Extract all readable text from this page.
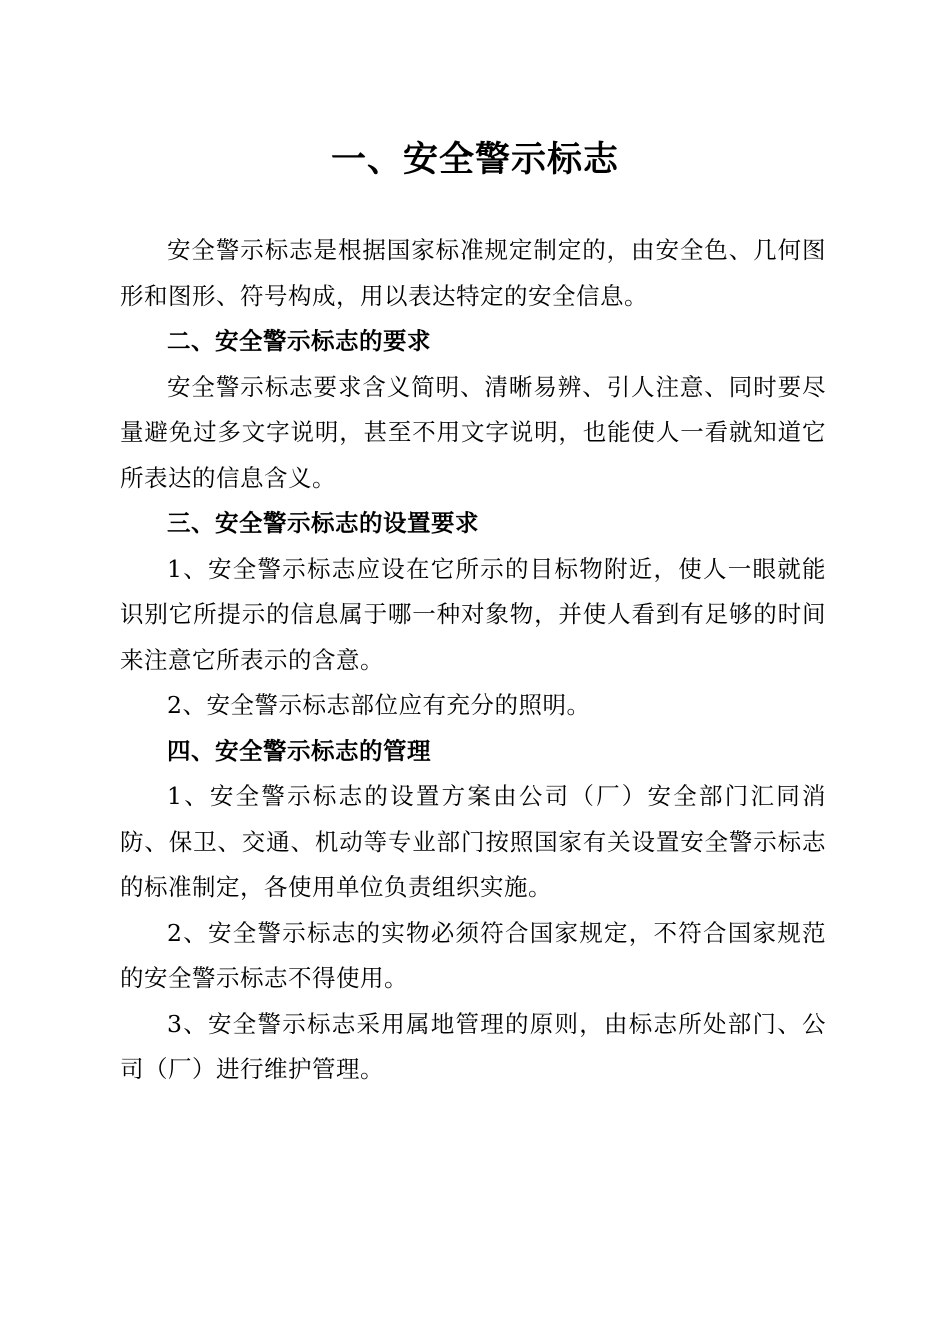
一、安全警示标志

安全警示标志是根据国家标准规定制定的，由安全色、几何图形和图形、符号构成，用以表达特定的安全信息。

二、安全警示标志的要求

安全警示标志要求含义简明、清晰易辨、引人注意、同时要尽量避免过多文字说明，甚至不用文字说明，也能使人一看就知道它所表达的信息含义。

三、安全警示标志的设置要求

1、安全警示标志应设在它所示的目标物附近，使人一眼就能识别它所提示的信息属于哪一种对象物，并使人看到有足够的时间来注意它所表示的含意。

2、安全警示标志部位应有充分的照明。

四、安全警示标志的管理

1、安全警示标志的设置方案由公司（厂）安全部门汇同消防、保卫、交通、机动等专业部门按照国家有关设置安全警示标志的标准制定，各使用单位负责组织实施。

2、安全警示标志的实物必须符合国家规定，不符合国家规范的安全警示标志不得使用。

3、安全警示标志采用属地管理的原则，由标志所处部门、公司（厂）进行维护管理。
